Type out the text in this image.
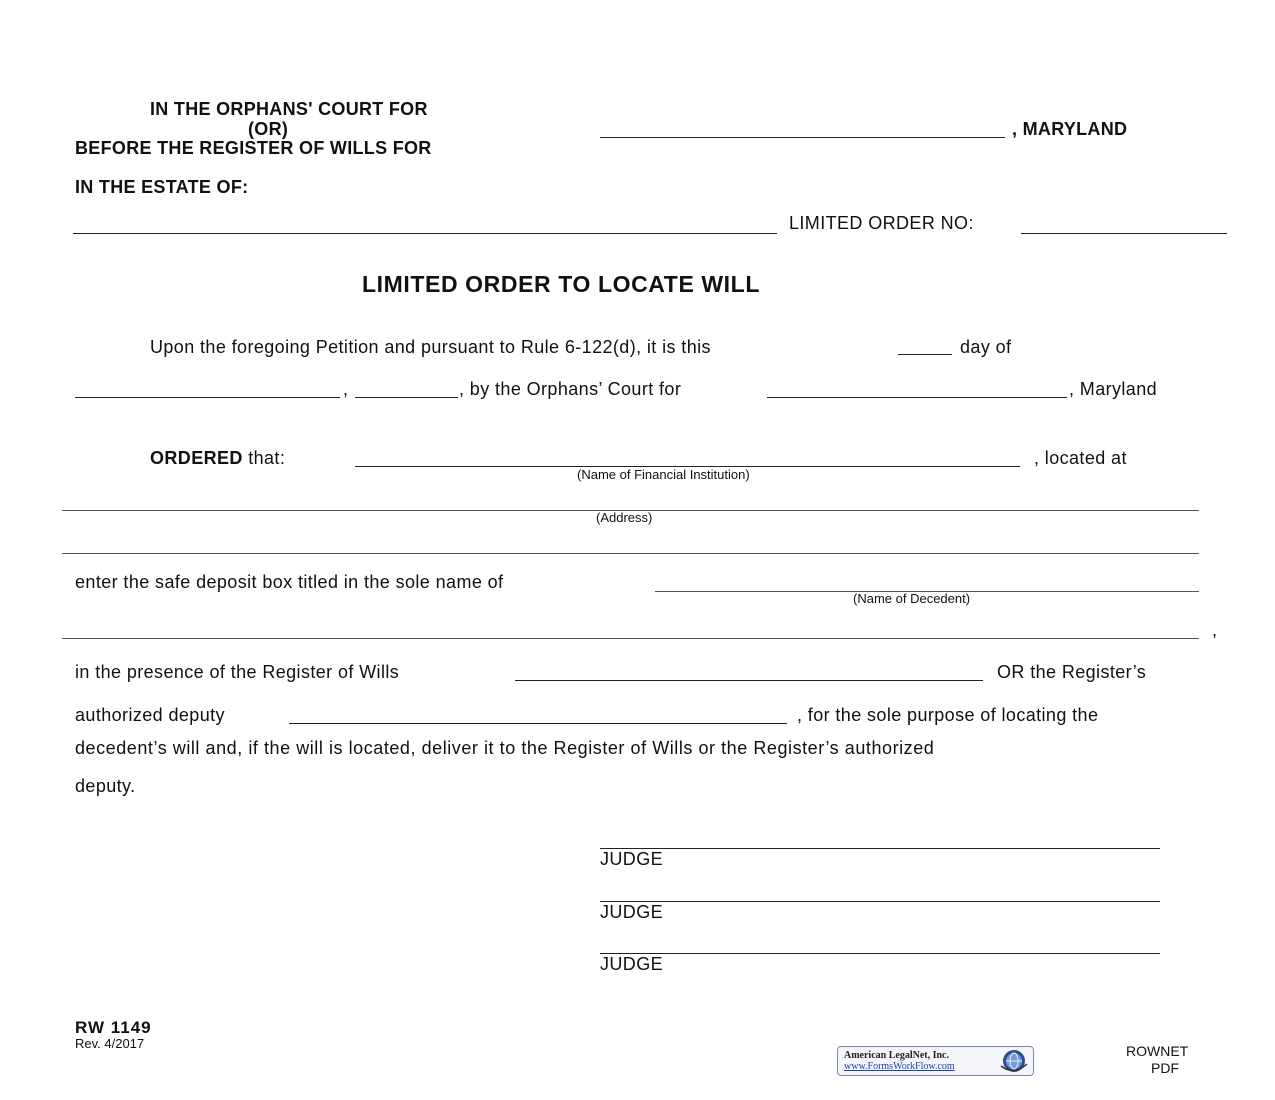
IN THE ORPHANS' COURT FOR
(OR)
BEFORE THE REGISTER OF WILLS FOR
, MARYLAND
IN THE ESTATE OF:
LIMITED ORDER NO:
LIMITED ORDER TO LOCATE WILL
Upon the foregoing Petition and pursuant to Rule 6-122(d), it is this	day of
,	, by the Orphans’ Court for	, Maryland
ORDERED that:	, located at
(Name of Financial Institution)
(Address)
enter the safe deposit box titled in the sole name of
(Name of Decedent)
,
in the presence of the Register of Wills	OR the Register’s
authorized deputy	, for the sole purpose of locating the
decedent’s will and, if the will is located, deliver it to the Register of Wills or the Register’s authorized
deputy.
JUDGE
JUDGE
JUDGE
RW 1149
Rev. 4/2017
American LegalNet, Inc.
www.FormsWorkFlow.com
ROWNET
PDF
